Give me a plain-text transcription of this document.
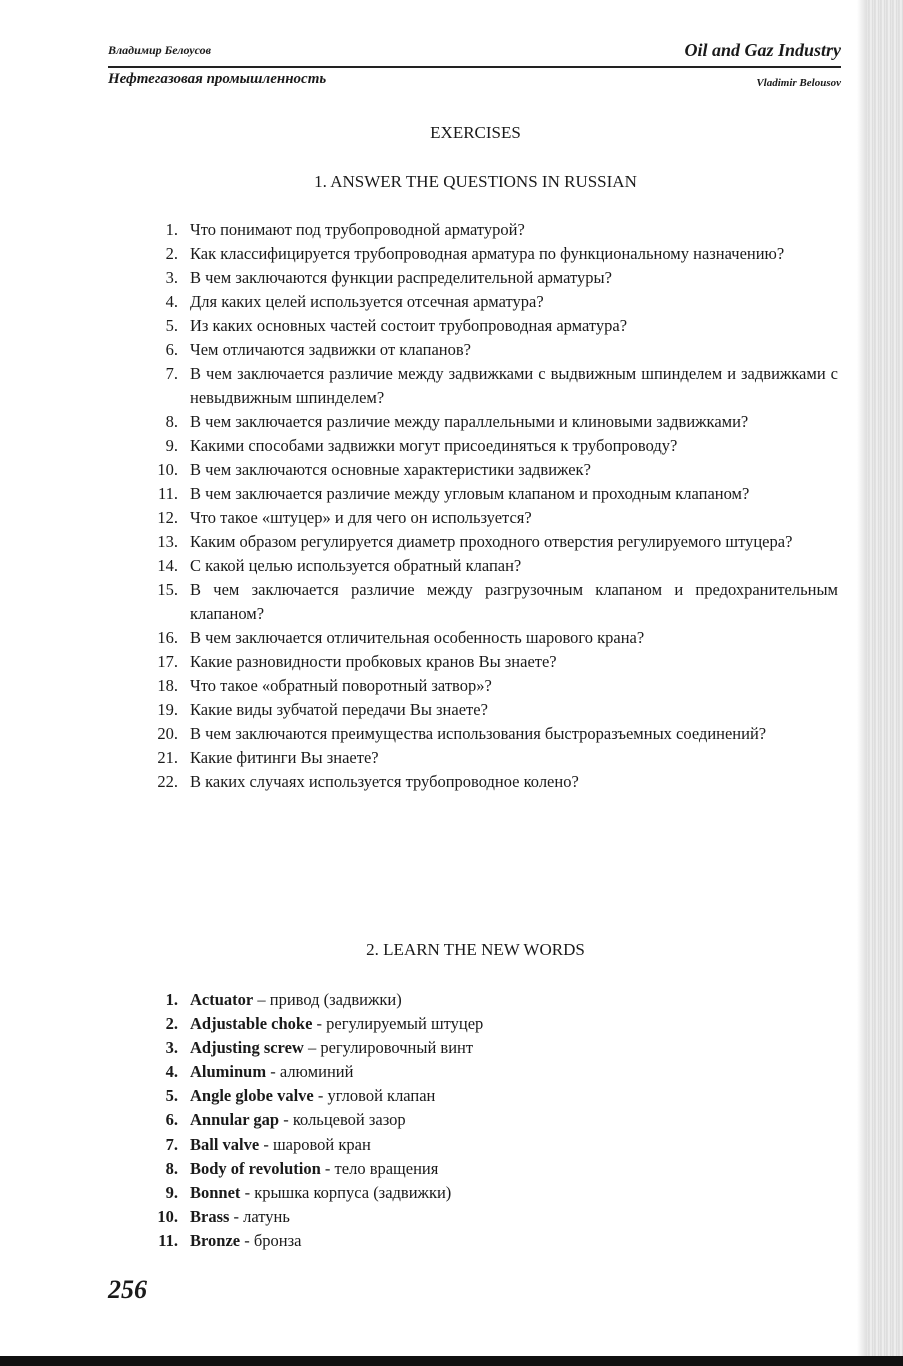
Владимир Белоусов	Oil and Gaz Industry
Нефтегазовая промышленность	Vladimir Belousov
EXERCISES
1. ANSWER THE QUESTIONS IN RUSSIAN
1. Что понимают под трубопроводной арматурой?
2. Как классифицируется трубопроводная арматура по функциональному назначению?
3. В чем заключаются функции распределительной арматуры?
4. Для каких целей используется отсечная арматура?
5. Из каких основных частей состоит трубопроводная арматура?
6. Чем отличаются задвижки от клапанов?
7. В чем заключается различие между задвижками с выдвижным шпинделем и задвижками с невыдвижным шпинделем?
8. В чем заключается различие между параллельными и клиновыми задвижками?
9. Какими способами задвижки могут присоединяться к трубопроводу?
10. В чем заключаются основные характеристики задвижек?
11. В чем заключается различие между угловым клапаном и проходным клапаном?
12. Что такое «штуцер» и для чего он используется?
13. Каким образом регулируется диаметр проходного отверстия регулируемого штуцера?
14. С какой целью используется обратный клапан?
15. В чем заключается различие между разгрузочным клапаном и предохранительным клапаном?
16. В чем заключается отличительная особенность шарового крана?
17. Какие разновидности пробковых кранов Вы знаете?
18. Что такое «обратный поворотный затвор»?
19. Какие виды зубчатой передачи Вы знаете?
20. В чем заключаются преимущества использования быстроразъемных соединений?
21. Какие фитинги Вы знаете?
22. В каких случаях используется трубопроводное колено?
2. LEARN THE NEW WORDS
1. Actuator – привод (задвижки)
2. Adjustable choke - регулируемый штуцер
3. Adjusting screw – регулировочный винт
4. Aluminum - алюминий
5. Angle globe valve - угловой клапан
6. Annular gap - кольцевой зазор
7. Ball valve - шаровой кран
8. Body of revolution - тело вращения
9. Bonnet - крышка корпуса (задвижки)
10. Brass - латунь
11. Bronze - бронза
256
